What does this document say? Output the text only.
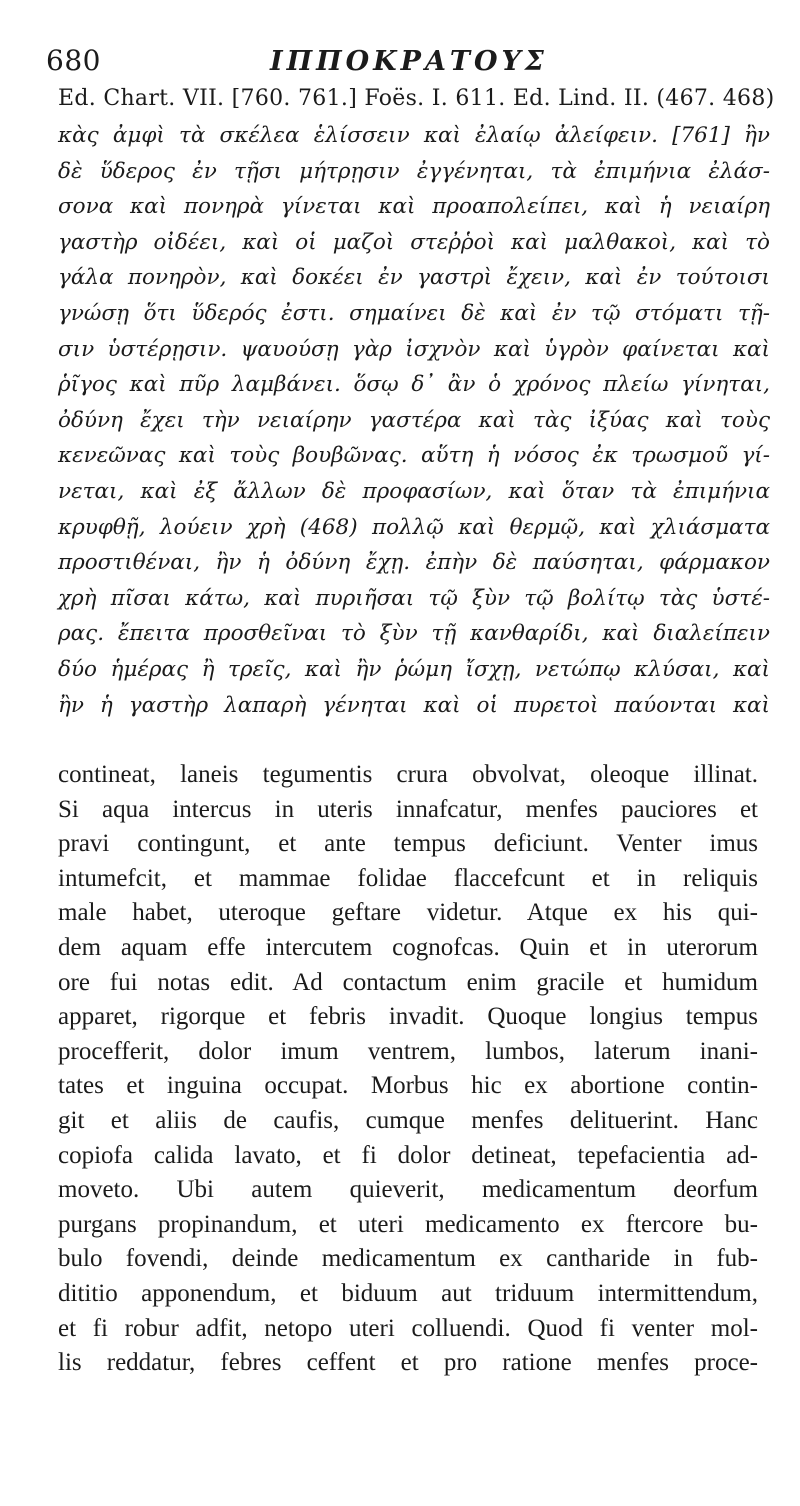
680	ΙΠΠΟΚΡΑΤΟΥΣ
Ed. Chart. VII. [760. 761.] Foës. I. 611. Ed. Lind. II. (467. 468)
κὰς ἀμφὶ τὰ σκέλεα ἑλίσσειν καὶ ἐλαίῳ ἀλείφειν. [761] ἢν
δὲ ὕδερος ἐν τῇσι μήτρῃσιν ἐγγένηται, τὰ ἐπιμήνια ἐλάσ-
σονα καὶ πονηρὰ γίνεται καὶ προαπολείπει, καὶ ἡ νειαίρη
γαστὴρ οἰδέει, καὶ οἱ μαζοὶ στεῤῥοὶ καὶ μαλθακοὶ, καὶ τὸ
γάλα πονηρὸν, καὶ δοκέει ἐν γαστρὶ ἔχειν, καὶ ἐν τούτοισι
γνώσῃ ὅτι ὕδερός ἐστι. σημαίνει δὲ καὶ ἐν τῷ στόματι τῇ-
σιν ὑστέρῃσιν. ψαυούσῃ γὰρ ἰσχνὸν καὶ ὑγρὸν φαίνεται καὶ
ῥῖγος καὶ πῦρ λαμβάνει. ὅσῳ δ᾽ ἂν ὁ χρόνος πλείω γίνηται,
ὀδύνη ἔχει τὴν νειαίρην γαστέρα καὶ τὰς ἰξύας καὶ τοὺς
κενεῶνας καὶ τοὺς βουβῶνας. αὕτη ἡ νόσος ἐκ τρωσμοῦ γί-
νεται, καὶ ἐξ ἄλλων δὲ προφασίων, καὶ ὅταν τὰ ἐπιμήνια
κρυφθῇ, λούειν χρὴ (468) πολλῷ καὶ θερμῷ, καὶ χλιάσματα
προστιθέναι, ἢν ἡ ὀδύνη ἔχῃ. ἐπὴν δὲ παύσηται, φάρμακον
χρὴ πῖσαι κάτω, καὶ πυριῆσαι τῷ ξὺν τῷ βολίτῳ τὰς ὑστέ-
ρας. ἔπειτα προσθεῖναι τὸ ξὺν τῇ κανθαρίδι, καὶ διαλείπειν
δύο ἡμέρας ἢ τρεῖς, καὶ ἢν ῥώμη ἴσχῃ, νετώπῳ κλύσαι, καὶ
ἢν ἡ γαστὴρ λαπαρὴ γένηται καὶ οἱ πυρετοὶ παύονται καὶ
contineat, laneis tegumentis crura obvolvat, oleoque illinat.
Si aqua intercus in uteris innafcatur, menfes pauciores et
pravi contingunt, et ante tempus deficiunt. Venter imus
intumefcit, et mammae folidae flaccefcunt et in reliquis
male habet, uteroque geftare videtur. Atque ex his qui-
dem aquam effe intercutem cognofcas. Quin et in uterorum
ore fui notas edit. Ad contactum enim gracile et humidum
apparet, rigorque et febris invadit. Quoque longius tempus
procefferit, dolor imum ventrem, lumbos, laterum inani-
tates et inguina occupat. Morbus hic ex abortione contin-
git et aliis de caufis, cumque menfes delituerint. Hanc
copiofa calida lavato, et fi dolor detineat, tepefacientia ad-
moveto. Ubi autem quieverit, medicamentum deorfum
purgans propinandum, et uteri medicamento ex ftercore bu-
bulo fovendi, deinde medicamentum ex cantharide in fub-
dititio apponendum, et biduum aut triduum intermittendum,
et fi robur adfit, netopo uteri colluendi. Quod fi venter mol-
lis reddatur, febres ceffent et pro ratione menfes proce-
